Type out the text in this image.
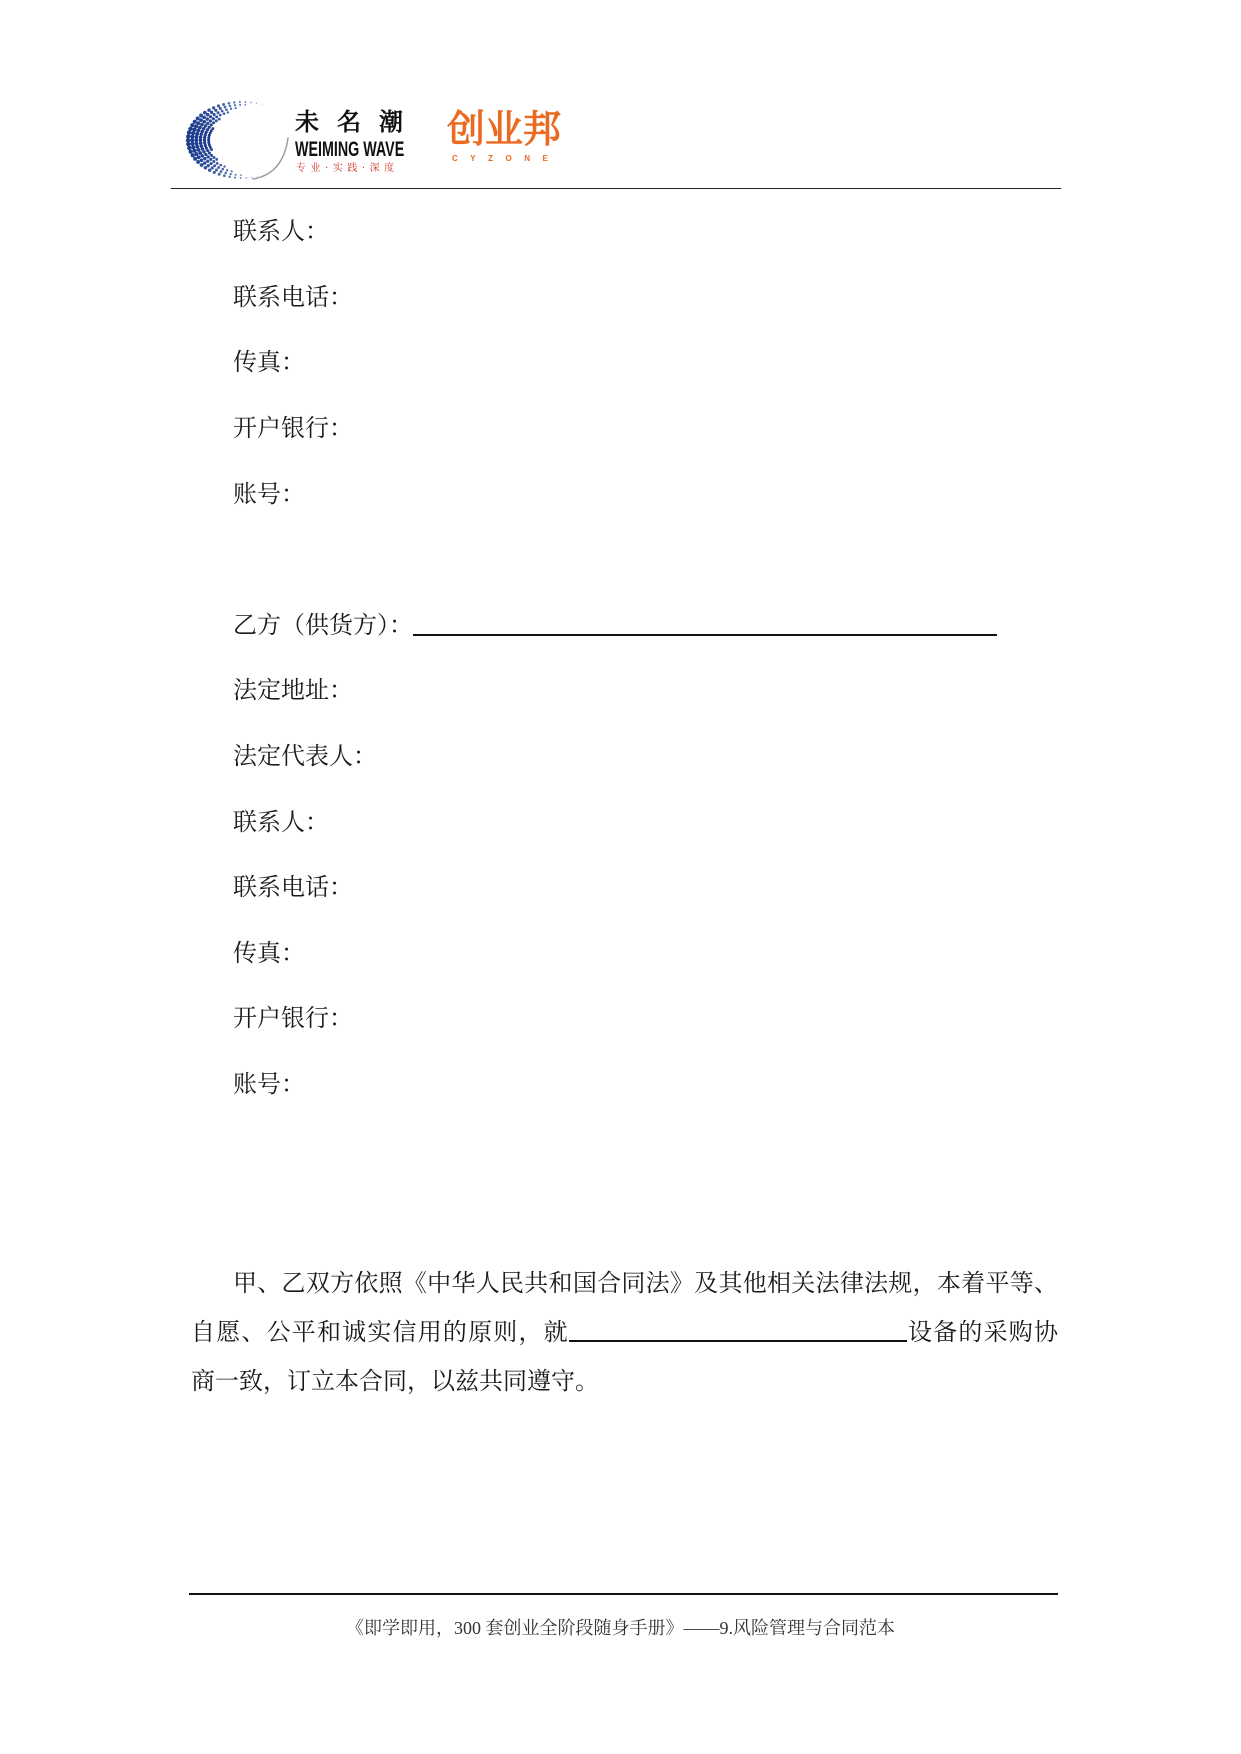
未名潮
WEIMING WAVE
专业·实践·深度
创业邦
CYZONE
联系人：
联系电话：
传真：
开户银行：
账号：
乙方（供货方）：
法定地址：
法定代表人：
联系人：
联系电话：
传真：
开户银行：
账号：
甲、乙双方依照《中华人民共和国合同法》及其他相关法律法规，本着平等、
自愿、公平和诚实信用的原则，就	设备的采购协
商一致，订立本合同，以兹共同遵守。
《即学即用，300 套创业全阶段随身手册》——9.风险管理与合同范本
